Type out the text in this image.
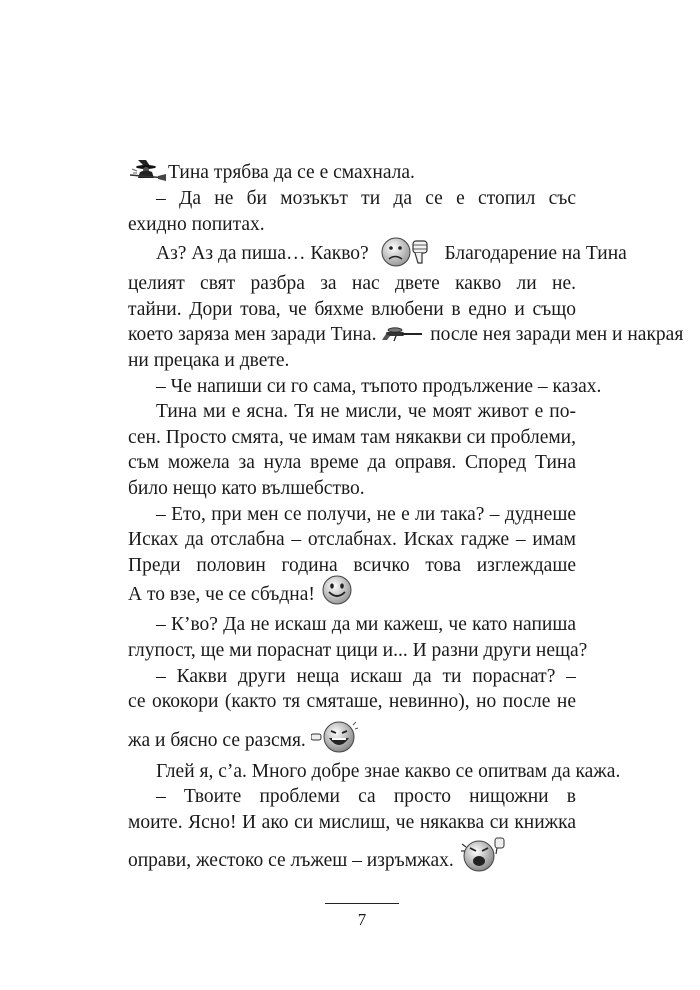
Тина трябва да се е смахнала.
– Да не би мозъкът ти да се е стопил със
ехидно попитах.
Аз? Аз да пиша… Какво?	Благодарение на Тина
целият свят разбра за нас двете какво ли не.
тайни. Дори това, че бяхме влюбени в едно и също
което заряза мен заради Тина.	после нея заради мен и накрая
ни прецака и двете.
– Че напиши си го сама, тъпото продължение – казах.
Тина ми е ясна. Тя не мисли, че моят живот е по-
сен. Просто смята, че имам там някакви си проблеми,
съм можела за нула време да оправя. Според Тина
било нещо като вълшебство.
– Ето, при мен се получи, не е ли така? – дуднеше
Исках да отслабна – отслабнах. Исках гадже – имам
Преди половин година всичко това изглеждаше
А то взе, че се сбъдна!
– К’во? Да не искаш да ми кажеш, че като напиша
глупост, ще ми пораснат цици и... И разни други неща?
– Какви други неща искаш да ти пораснат? –
се ококори (както тя смяташе, невинно), но после не
жа и бясно се разсмя.
Глей я, с’а. Много добре знае какво се опитвам да кажа.
– Твоите проблеми са просто нищожни в
моите. Ясно! И ако си мислиш, че някаква си книжка
оправи, жестоко се лъжеш – изръмжах.
7
